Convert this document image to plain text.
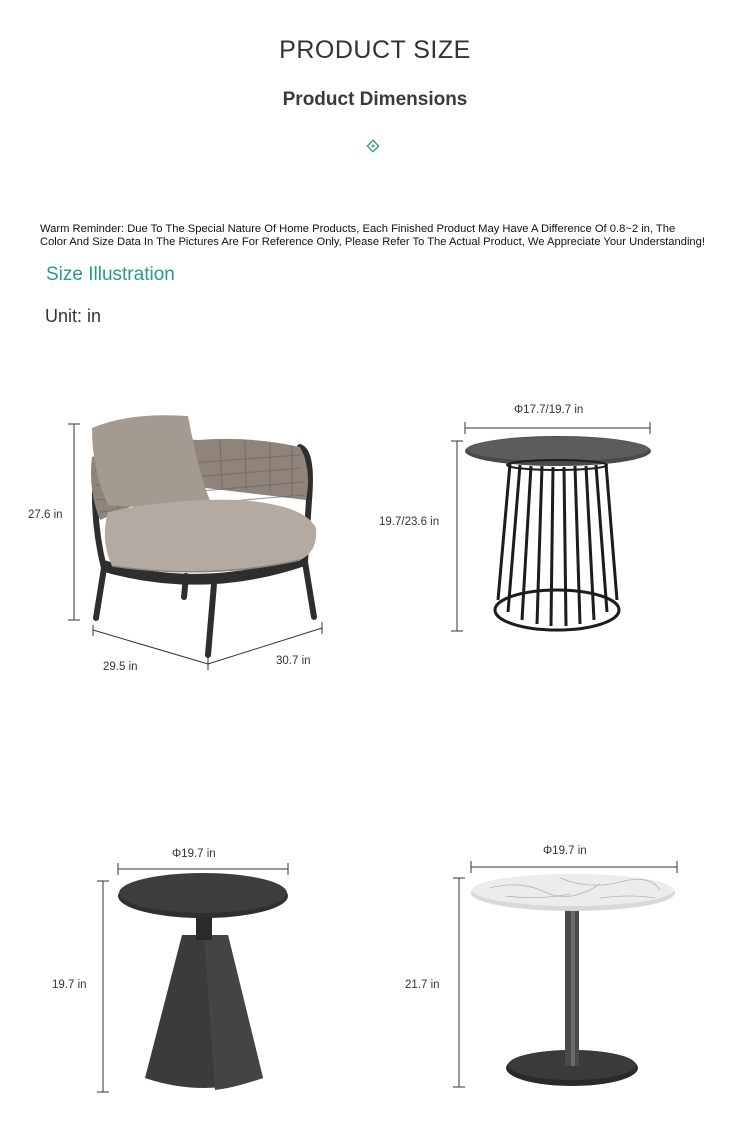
PRODUCT SIZE
Product Dimensions
Warm Reminder: Due To The Special Nature Of Home Products, Each Finished Product May Have A Difference Of 0.8~2 in, The Color And Size Data In The Pictures Are For Reference Only, Please Refer To The Actual Product, We Appreciate Your Understanding!
Size Illustration
Unit: in
27.6 in
29.5 in	30.7 in
Φ17.7/19.7 in
19.7/23.6 in
Φ19.7 in
19.7 in
Φ19.7 in
21.7 in
